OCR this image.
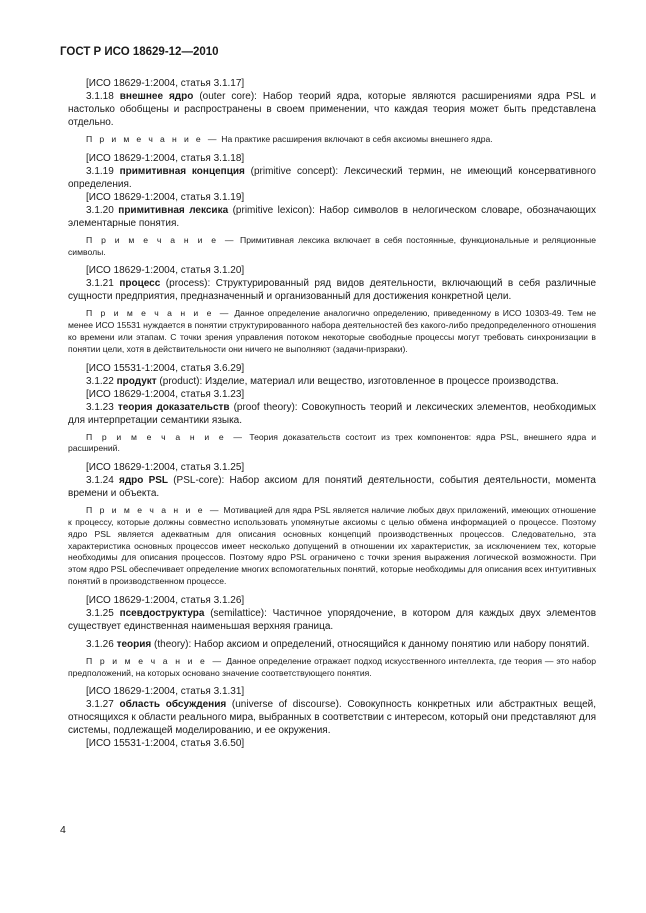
ГОСТ Р ИСО 18629-12—2010

[ИСО 18629-1:2004, статья 3.1.17]

3.1.18 внешнее ядро (outer core): Набор теорий ядра, которые являются расширениями ядра PSL и настолько обобщены и распространены в своем применении, что каждая теория может быть представлена отдельно.

П р и м е ч а н и е — На практике расширения включают в себя аксиомы внешнего ядра.

[ИСО 18629-1:2004, статья 3.1.18]

3.1.19 примитивная концепция (primitive concept): Лексический термин, не имеющий консервативного определения.

[ИСО 18629-1:2004, статья 3.1.19]

3.1.20 примитивная лексика (primitive lexicon): Набор символов в нелогическом словаре, обозначающих элементарные понятия.

П р и м е ч а н и е — Примитивная лексика включает в себя постоянные, функциональные и реляционные символы.

[ИСО 18629-1:2004, статья 3.1.20]

3.1.21 процесс (process): Структурированный ряд видов деятельности, включающий в себя различные сущности предприятия, предназначенный и организованный для достижения конкретной цели.

П р и м е ч а н и е — Данное определение аналогично определению, приведенному в ИСО 10303-49. Тем не менее ИСО 15531 нуждается в понятии структурированного набора деятельностей без какого-либо предопределенного отношения ко времени или этапам. С точки зрения управления потоком некоторые свободные процессы могут требовать синхронизации в понятии цели, хотя в действительности они ничего не выполняют (задачи-призраки).

[ИСО 15531-1:2004, статья 3.6.29]

3.1.22 продукт (product): Изделие, материал или вещество, изготовленное в процессе производства.

[ИСО 18629-1:2004, статья 3.1.23]

3.1.23 теория доказательств (proof theory): Совокупность теорий и лексических элементов, необходимых для интерпретации семантики языка.

П р и м е ч а н и е — Теория доказательств состоит из трех компонентов: ядра PSL, внешнего ядра и расширений.

[ИСО 18629-1:2004, статья 3.1.25]

3.1.24 ядро PSL (PSL-core): Набор аксиом для понятий деятельности, события деятельности, момента времени и объекта.

П р и м е ч а н и е — Мотивацией для ядра PSL является наличие любых двух приложений, имеющих отношение к процессу, которые должны совместно использовать упомянутые аксиомы с целью обмена информацией о процессе. Поэтому ядро PSL является адекватным для описания основных концепций производственных процессов. Следовательно, эта характеристика основных процессов имеет несколько допущений в отношении их характеристик, за исключением тех, которые необходимы для описания процессов. Поэтому ядро PSL ограничено с точки зрения выражения логической возможности. При этом ядро PSL обеспечивает определение многих вспомогательных понятий, которые необходимы для описания всех интуитивных понятий в производственном процессе.

[ИСО 18629-1:2004, статья 3.1.26]

3.1.25 псевдоструктура (semilattice): Частичное упорядочение, в котором для каждых двух элементов существует единственная наименьшая верхняя граница.

3.1.26 теория (theory): Набор аксиом и определений, относящийся к данному понятию или набору понятий.

П р и м е ч а н и е — Данное определение отражает подход искусственного интеллекта, где теория — это набор предположений, на которых основано значение соответствующего понятия.

[ИСО 18629-1:2004, статья 3.1.31]

3.1.27 область обсуждения (universe of discourse). Совокупность конкретных или абстрактных вещей, относящихся к области реального мира, выбранных в соответствии с интересом, который они представляют для системы, подлежащей моделированию, и ее окружения.

[ИСО 15531-1:2004, статья 3.6.50]

4
